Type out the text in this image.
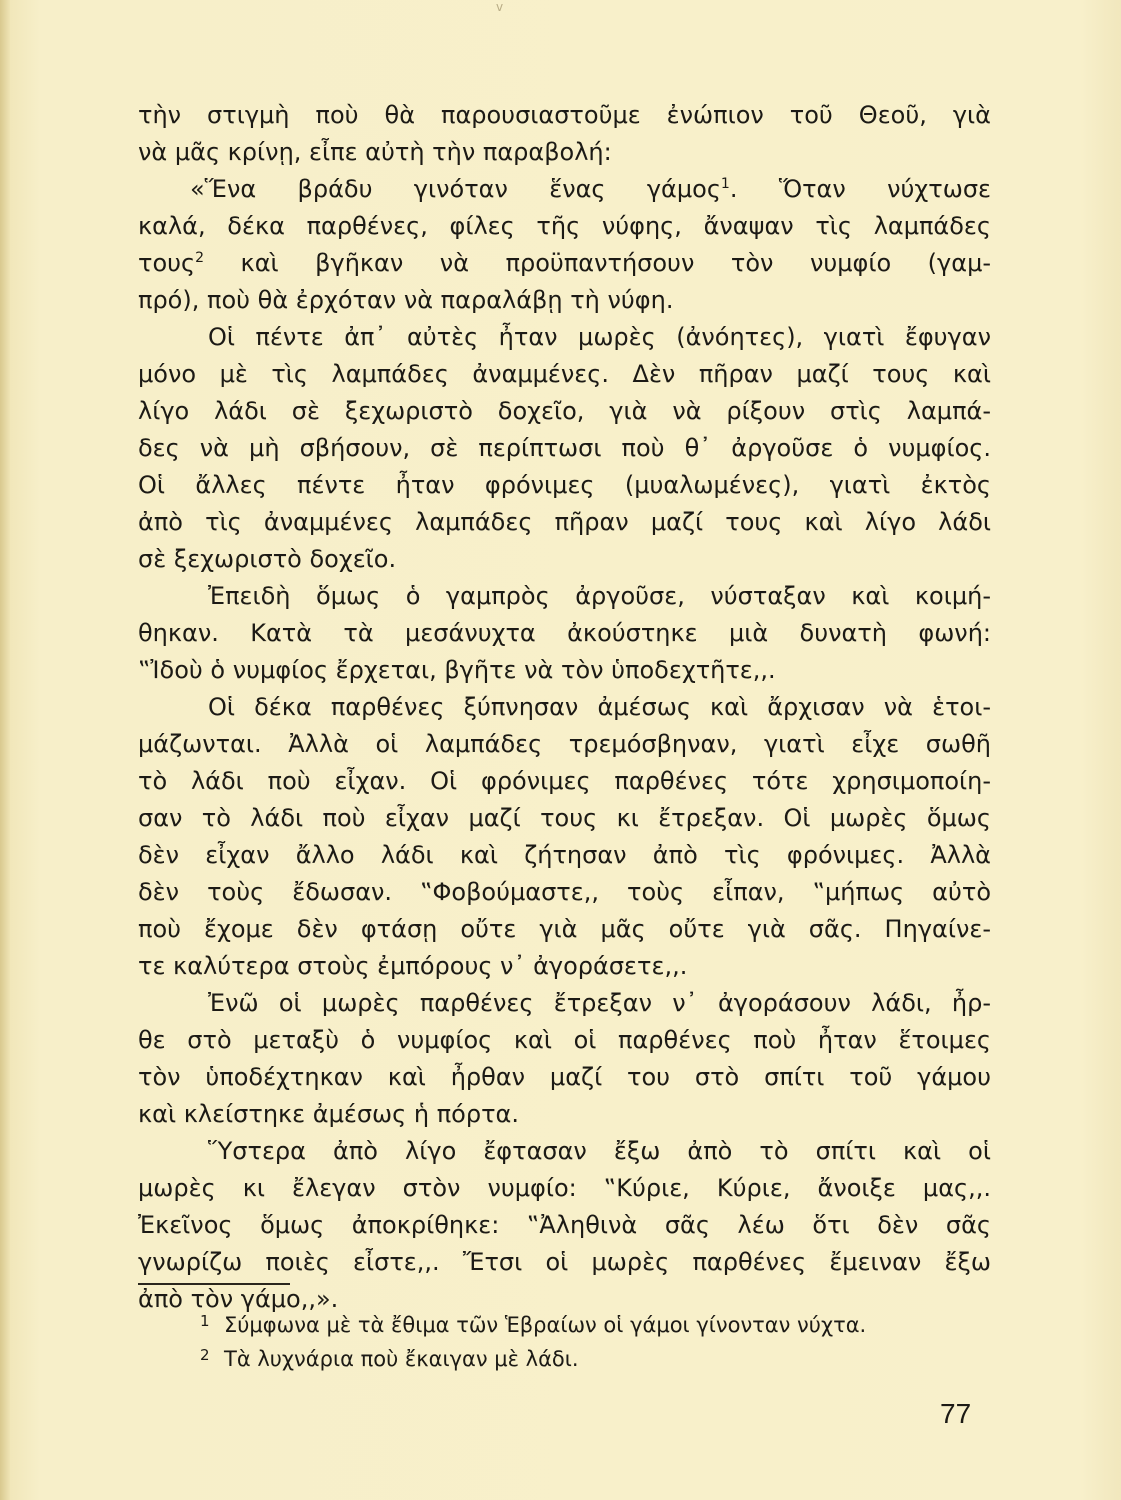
v
τὴν στιγμὴ ποὺ θὰ παρουσιαστοῦμε ἐνώπιον τοῦ Θεοῦ, γιὰ
νὰ μᾶς κρίνῃ, εἶπε αὐτὴ τὴν παραβολή:
«Ἕνα βράδυ γινόταν ἕνας γάμος$^1$. Ὅταν νύχτωσε
καλά, δέκα παρθένες, φίλες τῆς νύφης, ἄναψαν τὶς λαμπάδες
τους$^2$ καὶ βγῆκαν νὰ προϋπαντήσουν τὸν νυμφίο (γαμ-
πρό), ποὺ θὰ ἐρχόταν νὰ παραλάβῃ τὴ νύφη.
Οἱ πέντε ἀπ᾿ αὐτὲς ἦταν μωρὲς (ἀνόητες), γιατὶ ἔφυγαν
μόνο μὲ τὶς λαμπάδες ἀναμμένες. Δὲν πῆραν μαζί τους καὶ
λίγο λάδι σὲ ξεχωριστὸ δοχεῖο, γιὰ νὰ ρίξουν στὶς λαμπά-
δες νὰ μὴ σβήσουν, σὲ περίπτωσι ποὺ θ᾿ ἀργοῦσε ὁ νυμφίος.
Οἱ ἄλλες πέντε ἦταν φρόνιμες (μυαλωμένες), γιατὶ ἐκτὸς
ἀπὸ τὶς ἀναμμένες λαμπάδες πῆραν μαζί τους καὶ λίγο λάδι
σὲ ξεχωριστὸ δοχεῖο.
Ἐπειδὴ ὅμως ὁ γαμπρὸς ἀργοῦσε, νύσταξαν καὶ κοιμή-
θηκαν. Κατὰ τὰ μεσάνυχτα ἀκούστηκε μιὰ δυνατὴ φωνή:
‟Ἰδοὺ ὁ νυμφίος ἔρχεται, βγῆτε νὰ τὸν ὑποδεχτῆτε,,.
Οἱ δέκα παρθένες ξύπνησαν ἀμέσως καὶ ἄρχισαν νὰ ἑτοι-
μάζωνται. Ἀλλὰ οἱ λαμπάδες τρεμόσβηναν, γιατὶ εἶχε σωθῆ
τὸ λάδι ποὺ εἶχαν. Οἱ φρόνιμες παρθένες τότε χρησιμοποίη-
σαν τὸ λάδι ποὺ εἶχαν μαζί τους κι ἔτρεξαν. Οἱ μωρὲς ὅμως
δὲν εἶχαν ἄλλο λάδι καὶ ζήτησαν ἀπὸ τὶς φρόνιμες. Ἀλλὰ
δὲν τοὺς ἔδωσαν. ‟Φοβούμαστε,, τοὺς εἶπαν, ‟μήπως αὐτὸ
ποὺ ἔχομε δὲν φτάσῃ οὔτε γιὰ μᾶς οὔτε γιὰ σᾶς. Πηγαίνε-
τε καλύτερα στοὺς ἐμπόρους ν᾿ ἀγοράσετε,,.
Ἐνῶ οἱ μωρὲς παρθένες ἔτρεξαν ν᾿ ἀγοράσουν λάδι, ἦρ-
θε στὸ μεταξὺ ὁ νυμφίος καὶ οἱ παρθένες ποὺ ἦταν ἕτοιμες
τὸν ὑποδέχτηκαν καὶ ἦρθαν μαζί του στὸ σπίτι τοῦ γάμου
καὶ κλείστηκε ἀμέσως ἡ πόρτα.
Ὕστερα ἀπὸ λίγο ἔφτασαν ἔξω ἀπὸ τὸ σπίτι καὶ οἱ
μωρὲς κι ἔλεγαν στὸν νυμφίο: ‟Κύριε, Κύριε, ἄνοιξε μας,,.
Ἐκεῖνος ὅμως ἀποκρίθηκε: ‟Ἀληθινὰ σᾶς λέω ὅτι δὲν σᾶς
γνωρίζω ποιὲς εἶστε,,. Ἔτσι οἱ μωρὲς παρθένες ἔμειναν ἔξω
ἀπὸ τὸν γάμο,,».
1 Σύμφωνα μὲ τὰ ἔθιμα τῶν Ἑβραίων οἱ γάμοι γίνονταν νύχτα.
2 Τὰ λυχνάρια ποὺ ἔκαιγαν μὲ λάδι.
77
